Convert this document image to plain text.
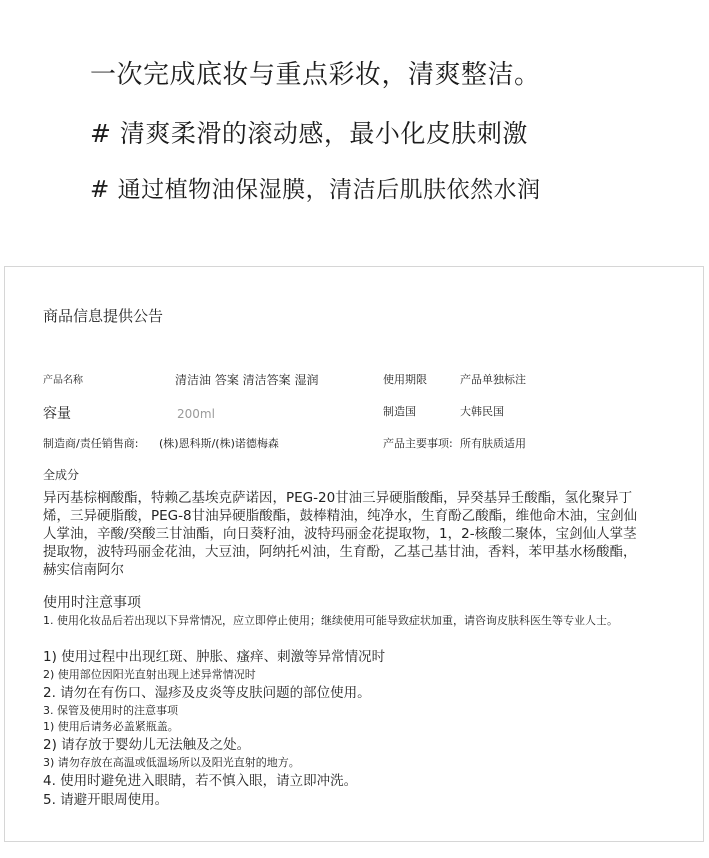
一次完成底妆与重点彩妆，清爽整洁。
# 清爽柔滑的滚动感，最小化皮肤刺激
# 通过植物油保湿膜，清洁后肌肤依然水润
商品信息提供公告
产品名称	清洁油 答案 清洁答案 湿润	使用期限	产品单独标注
容量	200ml	制造国	大韩民国
制造商/责任销售商: (株)恩科斯/(株)诺德梅森	产品主要事项: 所有肤质适用
全成分
异丙基棕榈酸酯，特赖乙基埃克萨诺因，PEG-20甘油三异硬脂酸酯，异癸基异壬酸酯，氢化聚异丁烯，三异硬脂酸，PEG-8甘油异硬脂酸酯，鼓棒精油，纯净水，生育酚乙酸酯，维他命木油，宝剑仙人掌油，辛酸/癸酸三甘油酯，向日葵籽油，波特玛丽金花提取物，1，2-核酸二聚体，宝剑仙人掌茎提取物，波特玛丽金花油，大豆油，阿纳托씨油，生育酚，乙基己基甘油，香料，苯甲基水杨酸酯，赫实信南阿尔
使用时注意事项
1. 使用化妆品后若出现以下异常情况，应立即停止使用；继续使用可能导致症状加重，请咨询皮肤科医生等专业人士。
1) 使用过程中出现红斑、肿胀、瘙痒、刺激等异常情况时
2) 使用部位因阳光直射出现上述异常情况时
2. 请勿在有伤口、湿疹及皮炎等皮肤问题的部位使用。
3. 保管及使用时的注意事项
1) 使用后请务必盖紧瓶盖。
2) 请存放于婴幼儿无法触及之处。
3) 请勿存放在高温或低温场所以及阳光直射的地方。
4. 使用时避免进入眼睛，若不慎入眼，请立即冲洗。
5. 请避开眼周使用。
